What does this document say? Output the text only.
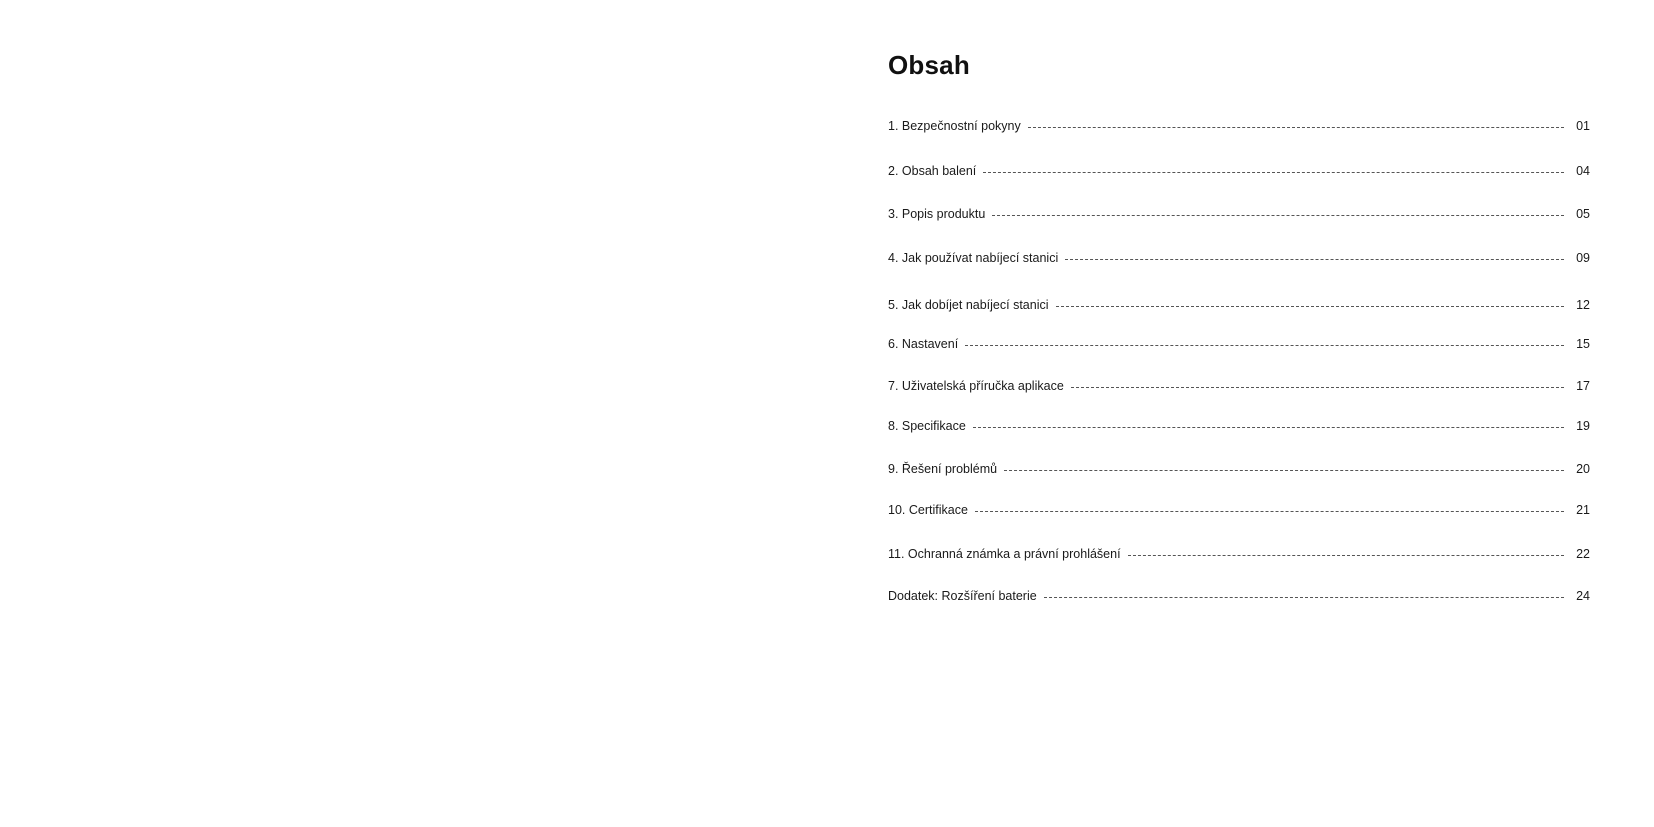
Obsah
1. Bezpečnostní pokyny	01
2. Obsah balení	04
3. Popis produktu	05
4. Jak používat nabíjecí stanici	09
5. Jak dobíjet nabíjecí stanici	12
6. Nastavení	15
7. Uživatelská příručka aplikace	17
8. Specifikace	19
9. Řešení problémů	20
10. Certifikace	21
11. Ochranná známka a právní prohlášení	22
Dodatek: Rozšíření baterie	24
